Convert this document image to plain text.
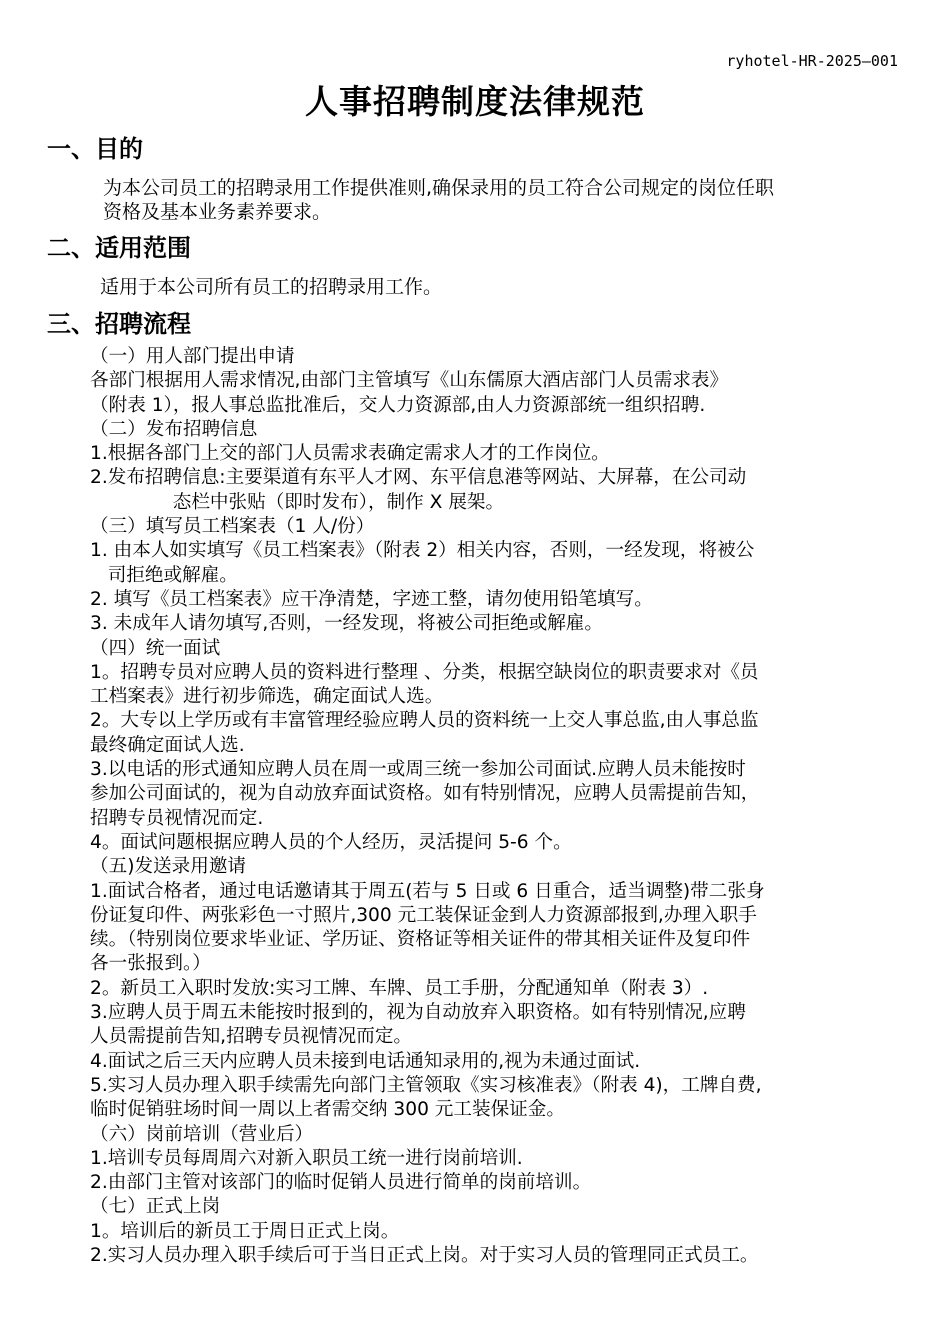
ryhotel-HR-2025—001
人事招聘制度法律规范
一、目的
为本公司员工的招聘录用工作提供准则,确保录用的员工符合公司规定的岗位任职
资格及基本业务素养要求。
二、适用范围
适用于本公司所有员工的招聘录用工作。
三、招聘流程
（一）用人部门提出申请
各部门根据用人需求情况,由部门主管填写《山东儒原大酒店部门人员需求表》
（附表 1），报人事总监批准后，交人力资源部,由人力资源部统一组织招聘.
（二）发布招聘信息
1.根据各部门上交的部门人员需求表确定需求人才的工作岗位。
2.发布招聘信息:主要渠道有东平人才网、东平信息港等网站、大屏幕，在公司动
态栏中张贴（即时发布），制作 X 展架。
（三）填写员工档案表（1 人/份）
1. 由本人如实填写《员工档案表》（附表 2）相关内容，否则，一经发现，将被公
司拒绝或解雇。
2. 填写《员工档案表》应干净清楚，字迹工整，请勿使用铅笔填写。
3. 未成年人请勿填写,否则，一经发现，将被公司拒绝或解雇。
（四）统一面试
1。招聘专员对应聘人员的资料进行整理 、分类，根据空缺岗位的职责要求对《员
工档案表》进行初步筛选，确定面试人选。
2。大专以上学历或有丰富管理经验应聘人员的资料统一上交人事总监,由人事总监
最终确定面试人选.
3.以电话的形式通知应聘人员在周一或周三统一参加公司面试.应聘人员未能按时
参加公司面试的，视为自动放弃面试资格。如有特别情况，应聘人员需提前告知，
招聘专员视情况而定.
4。面试问题根据应聘人员的个人经历，灵活提问 5-6 个。
（五)发送录用邀请
1.面试合格者，通过电话邀请其于周五(若与 5 日或 6 日重合，适当调整)带二张身
份证复印件、两张彩色一寸照片,300 元工装保证金到人力资源部报到,办理入职手
续。（特别岗位要求毕业证、学历证、资格证等相关证件的带其相关证件及复印件
各一张报到。）
2。新员工入职时发放:实习工牌、车牌、员工手册，分配通知单（附表 3）.
3.应聘人员于周五未能按时报到的，视为自动放弃入职资格。如有特别情况,应聘
人员需提前告知,招聘专员视情况而定。
4.面试之后三天内应聘人员未接到电话通知录用的,视为未通过面试.
5.实习人员办理入职手续需先向部门主管领取《实习核准表》（附表 4)，工牌自费,
临时促销驻场时间一周以上者需交纳 300 元工装保证金。
（六）岗前培训（营业后）
1.培训专员每周周六对新入职员工统一进行岗前培训.
2.由部门主管对该部门的临时促销人员进行简单的岗前培训。
（七）正式上岗
1。培训后的新员工于周日正式上岗。
2.实习人员办理入职手续后可于当日正式上岗。对于实习人员的管理同正式员工。
